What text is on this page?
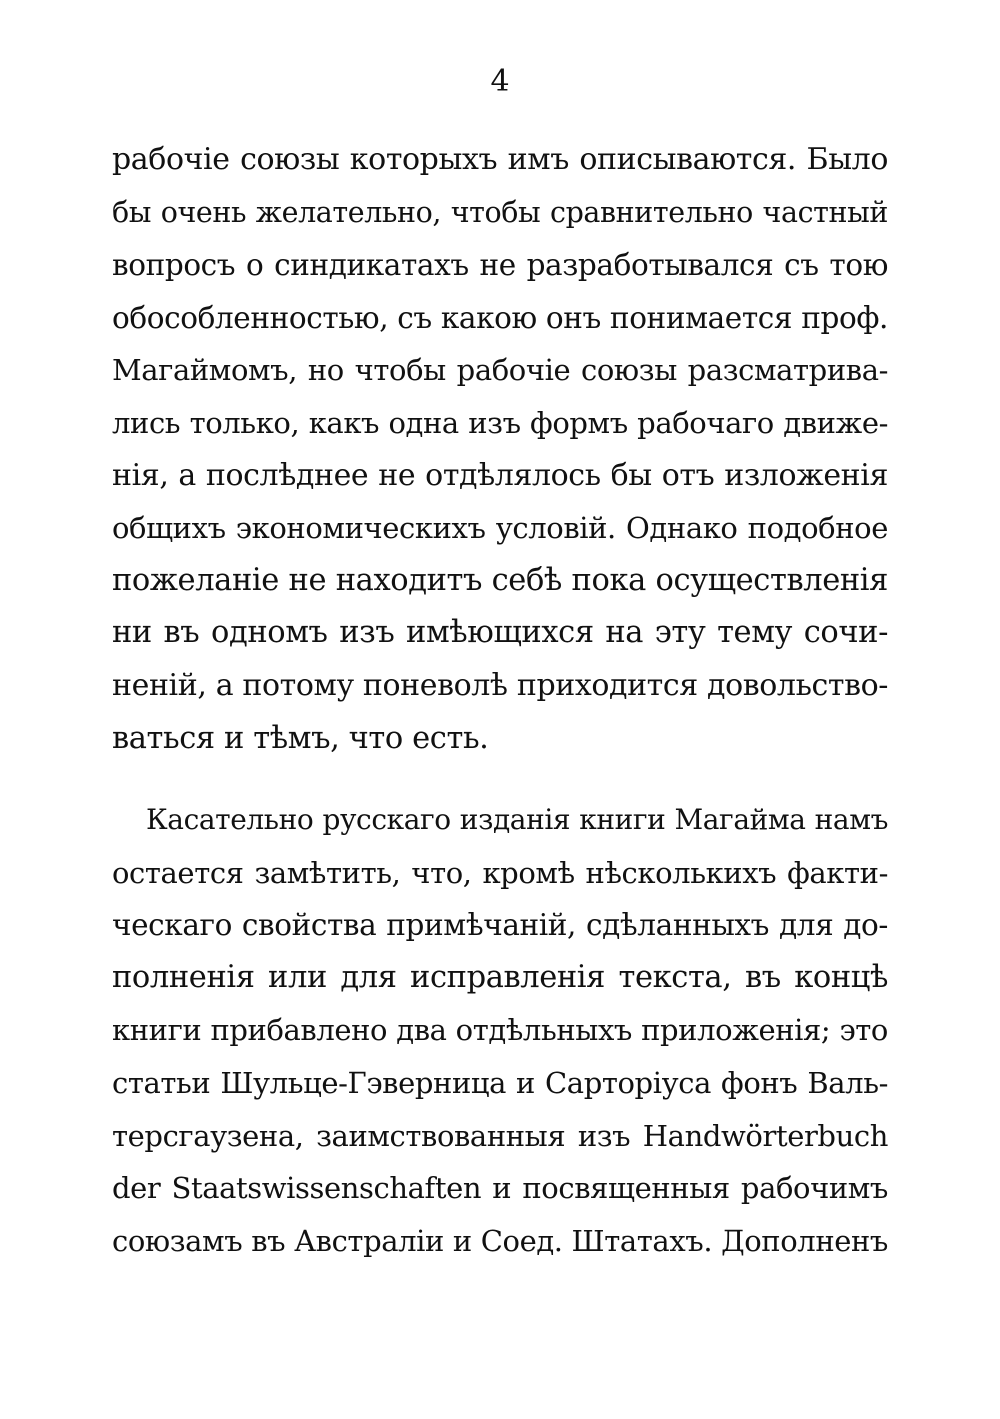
4
рабочіе союзы которыхъ имъ описываются. Было
бы очень желательно, чтобы сравнительно частный
вопросъ о синдикатахъ не разработывался съ тою
обособленностью, съ какою онъ понимается проф.
Магаймомъ, но чтобы рабочіе союзы разсматрива-
лись только, какъ одна изъ формъ рабочаго движе-
нія, а послѣднее не отдѣлялось бы отъ изложенія
общихъ экономическихъ условій. Однако подобное
пожеланіе не находитъ себѣ пока осуществленія
ни въ одномъ изъ имѣющихся на эту тему сочи-
неній, а потому поневолѣ приходится довольство-
ваться и тѣмъ, что есть.
Касательно русскаго изданія книги Магайма намъ
остается замѣтить, что, кромѣ нѣсколькихъ факти-
ческаго свойства примѣчаній, сдѣланныхъ для до-
полненія или для исправленія текста, въ концѣ
книги прибавлено два отдѣльныхъ приложенія; это
статьи Шульце-Гэверница и Сарторіуса фонъ Валь-
терсгаузена, заимствованныя изъ Handwörterbuch
der Staatswissenschaften и посвященныя рабочимъ
союзамъ въ Австраліи и Соед. Штатахъ. Дополненъ
